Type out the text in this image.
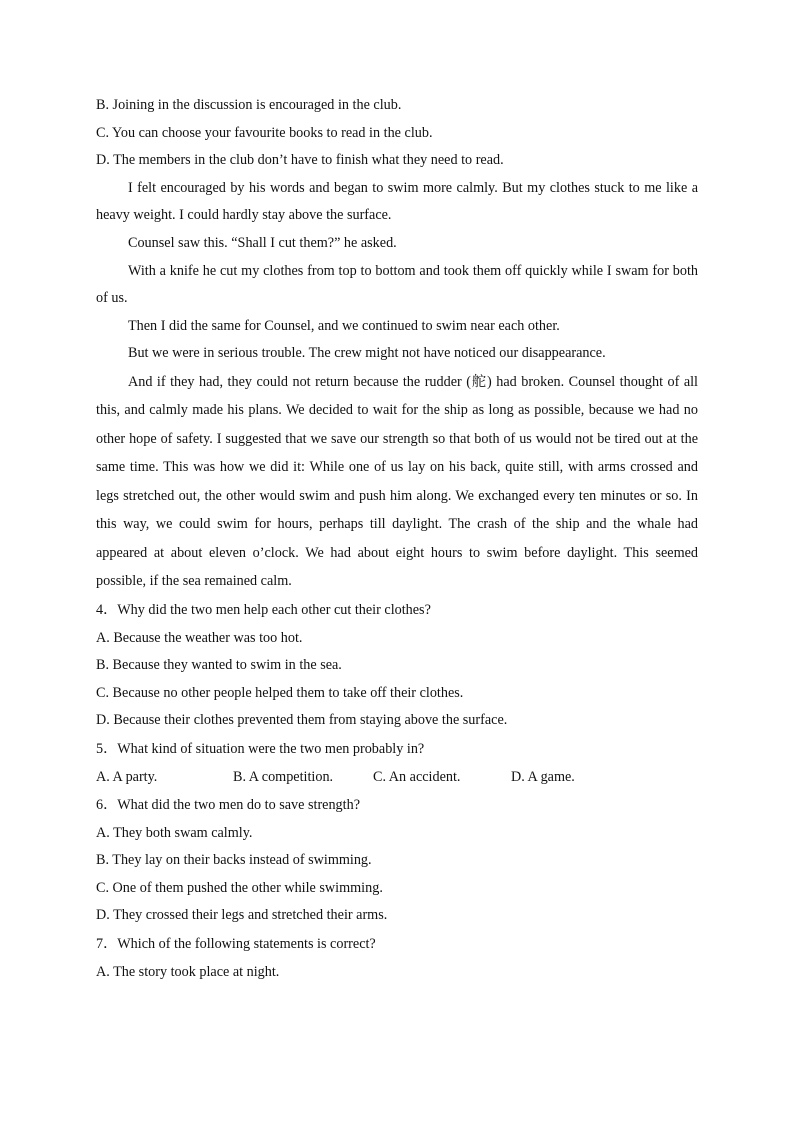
B. Joining in the discussion is encouraged in the club.

C. You can choose your favourite books to read in the club.

D. The members in the club don’t have to finish what they need to read.

I felt encouraged by his words and began to swim more calmly. But my clothes stuck to me like a heavy weight. I could hardly stay above the surface.

Counsel saw this. “Shall I cut them?” he asked.

With a knife he cut my clothes from top to bottom and took them off quickly while I swam for both of us.

Then I did the same for Counsel, and we continued to swim near each other.

But we were in serious trouble. The crew might not have noticed our disappearance.

And if they had, they could not return because the rudder (舵) had broken. Counsel thought of all this, and calmly made his plans. We decided to wait for the ship as long as possible, because we had no other hope of safety. I suggested that we save our strength so that both of us would not be tired out at the same time. This was how we did it: While one of us lay on his back, quite still, with arms crossed and legs stretched out, the other would swim and push him along. We exchanged every ten minutes or so. In this way, we could swim for hours, perhaps till daylight. The crash of the ship and the whale had appeared at about eleven o’clock. We had about eight hours to swim before daylight. This seemed possible, if the sea remained calm.

4．Why did the two men help each other cut their clothes?

A. Because the weather was too hot.

B. Because they wanted to swim in the sea.

C. Because no other people helped them to take off their clothes.

D. Because their clothes prevented them from staying above the surface.

5．What kind of situation were the two men probably in?

A. A party.	B. A competition.	C. An accident.	D. A game.

6．What did the two men do to save strength?

A. They both swam calmly.

B. They lay on their backs instead of swimming.

C. One of them pushed the other while swimming.

D. They crossed their legs and stretched their arms.

7．Which of the following statements is correct?

A. The story took place at night.
